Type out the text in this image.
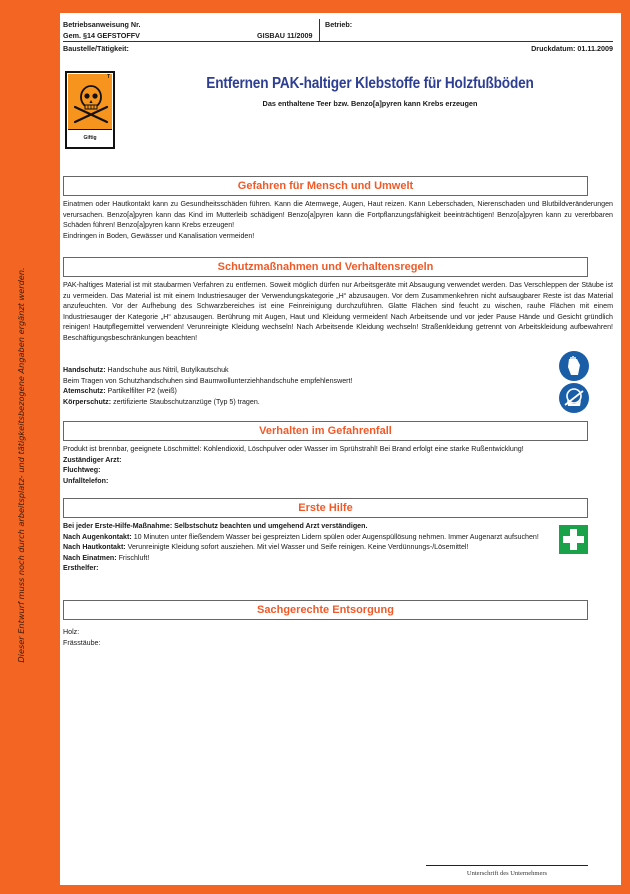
Dieser Entwurf muss noch durch arbeitsplatz- und tätigkeitsbezogene Angaben ergänzt werden.
Betriebsanweisung Nr.
Gem. §14 GEFSTOFFV	GISBAU 11/2009
Betrieb:
Baustelle/Tätigkeit:	Druckdatum: 01.11.2009
T
Giftig
Entfernen PAK-haltiger Klebstoffe für Holzfußböden
Das enthaltene Teer bzw. Benzo[a]pyren kann Krebs erzeugen
Gefahren für Mensch und Umwelt

Einatmen oder Hautkontakt kann zu Gesundheitsschäden führen. Kann die Atemwege, Augen, Haut reizen. Kann Leberschaden, Nierenschaden und Blutbildveränderungen verursachen. Benzo[a]pyren kann das Kind im Mutterleib schädigen! Benzo[a]pyren kann die Fortpflanzungsfähigkeit beeinträchtigen! Benzo[a]pyren kann zu vererbbaren Schäden führen! Benzo[a]pyren kann Krebs erzeugen!

Eindringen in Boden, Gewässer und Kanalisation vermeiden!

Schutzmaßnahmen und Verhaltensregeln

PAK-haltiges Material ist mit staubarmen Verfahren zu entfernen. Soweit möglich dürfen nur Arbeitsgeräte mit Absaugung verwendet werden. Das Verschleppen der Stäube ist zu vermeiden. Das Material ist mit einem Industriesauger der Verwendungskategorie „H“ abzusaugen. Vor dem Zusammenkehren nicht aufsaugbarer Reste ist das Material anzufeuchten. Vor der Aufhebung des Schwarzbereiches ist eine Feinreinigung durchzuführen. Glatte Flächen sind feucht zu wischen, rauhe Flächen mit einem Industriesauger der Kategorie „H“ abzusaugen. Berührung mit Augen, Haut und Kleidung vermeiden! Nach Arbeitsende und vor jeder Pause Hände und Gesicht gründlich reinigen! Hautpflegemittel verwenden! Verunreinigte Kleidung wechseln! Nach Arbeitsende Kleidung wechseln! Straßenkleidung getrennt von Arbeitskleidung aufbewahren! Beschäftigungsbeschränkungen beachten!

Handschutz: Handschuhe aus Nitril, Butylkautschuk

Beim Tragen von Schutzhandschuhen sind Baumwollunterziehhandschuhe empfehlenswert!

Atemschutz: Partikelfilter P2 (weiß)

Körperschutz: zertifizierte Staubschutzanzüge (Typ 5) tragen.

Verhalten im Gefahrenfall

Produkt ist brennbar, geeignete Löschmittel: Kohlendioxid, Löschpulver oder Wasser im Sprühstrahl! Bei Brand erfolgt eine starke Rußentwicklung!

Zuständiger Arzt:

Fluchtweg:

Unfalltelefon:

Erste Hilfe

Bei jeder Erste-Hilfe-Maßnahme: Selbstschutz beachten und umgehend Arzt verständigen.

Nach Augenkontakt: 10 Minuten unter fließendem Wasser bei gespreizten Lidern spülen oder Augenspüllösung nehmen. Immer Augenarzt aufsuchen!

Nach Hautkontakt: Verunreinigte Kleidung sofort ausziehen. Mit viel Wasser und Seife reinigen. Keine Verdünnungs-/Lösemittel!

Nach Einatmen: Frischluft!

Ersthelfer:

Sachgerechte Entsorgung

Holz:

Frässtäube:

Unterschrift des Unternehmers
